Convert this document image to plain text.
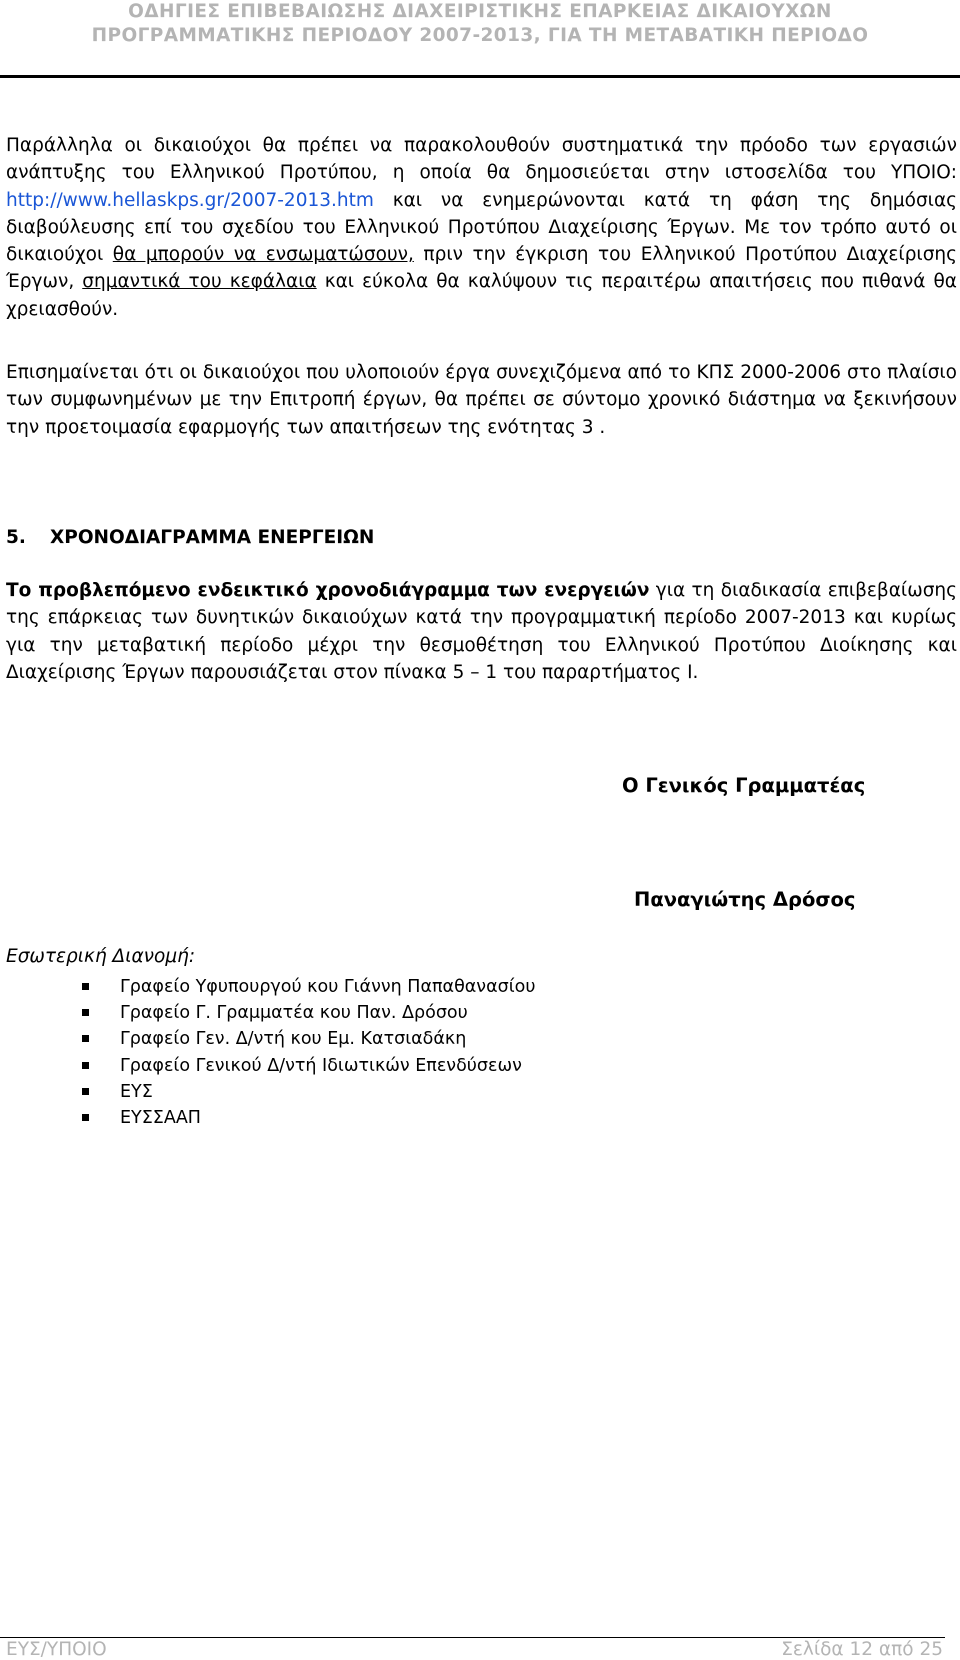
ΟΔΗΓΙΕΣ ΕΠΙΒΕΒΑΙΩΣΗΣ ΔΙΑΧΕΙΡΙΣΤΙΚΗΣ ΕΠΑΡΚΕΙΑΣ ΔΙΚΑΙΟΥΧΩΝ
ΠΡΟΓΡΑΜΜΑΤΙΚΗΣ ΠΕΡΙΟΔΟΥ 2007-2013, ΓΙΑ ΤΗ ΜΕΤΑΒΑΤΙΚΗ ΠΕΡΙΟΔΟ

Παράλληλα οι δικαιούχοι θα πρέπει να παρακολουθούν συστηματικά την πρόοδο των εργασιών ανάπτυξης του Ελληνικού Προτύπου, η οποία θα δημοσιεύεται στην ιστοσελίδα του ΥΠΟΙΟ: http://www.hellaskps.gr/2007-2013.htm και να ενημερώνονται κατά τη φάση της δημόσιας διαβούλευσης επί του σχεδίου του Ελληνικού Προτύπου Διαχείρισης Έργων. Με τον τρόπο αυτό οι δικαιούχοι θα μπορούν να ενσωματώσουν, πριν την έγκριση του Ελληνικού Προτύπου Διαχείρισης Έργων, σημαντικά του κεφάλαια και εύκολα θα καλύψουν τις περαιτέρω απαιτήσεις που πιθανά θα χρειασθούν.

Επισημαίνεται ότι οι δικαιούχοι που υλοποιούν έργα συνεχιζόμενα από το ΚΠΣ 2000-2006 στο πλαίσιο των συμφωνημένων με την Επιτροπή έργων, θα πρέπει σε σύντομο χρονικό διάστημα να ξεκινήσουν την προετοιμασία εφαρμογής των απαιτήσεων της ενότητας 3 .

5. ΧΡΟΝΟΔΙΑΓΡΑΜΜΑ ΕΝΕΡΓΕΙΩΝ

Το προβλεπόμενο ενδεικτικό χρονοδιάγραμμα των ενεργειών για τη διαδικασία επιβεβαίωσης της επάρκειας των δυνητικών δικαιούχων κατά την προγραμματική περίοδο 2007-2013 και κυρίως για την μεταβατική περίοδο μέχρι την θεσμοθέτηση του Ελληνικού Προτύπου Διοίκησης και Διαχείρισης Έργων παρουσιάζεται στον πίνακα 5 – 1 του παραρτήματος Ι.

Ο Γενικός Γραμματέας
Παναγιώτης Δρόσος
Εσωτερική Διανομή:
Γραφείο Υφυπουργού κου Γιάννη Παπαθανασίου
Γραφείο Γ. Γραμματέα κου Παν. Δρόσου
Γραφείο Γεν. Δ/ντή κου Εμ. Κατσιαδάκη
Γραφείο Γενικού Δ/ντή Ιδιωτικών Επενδύσεων
ΕΥΣ
ΕΥΣΣΑΑΠ
ΕΥΣ/ΥΠΟΙΟ	Σελίδα 12 από 25
